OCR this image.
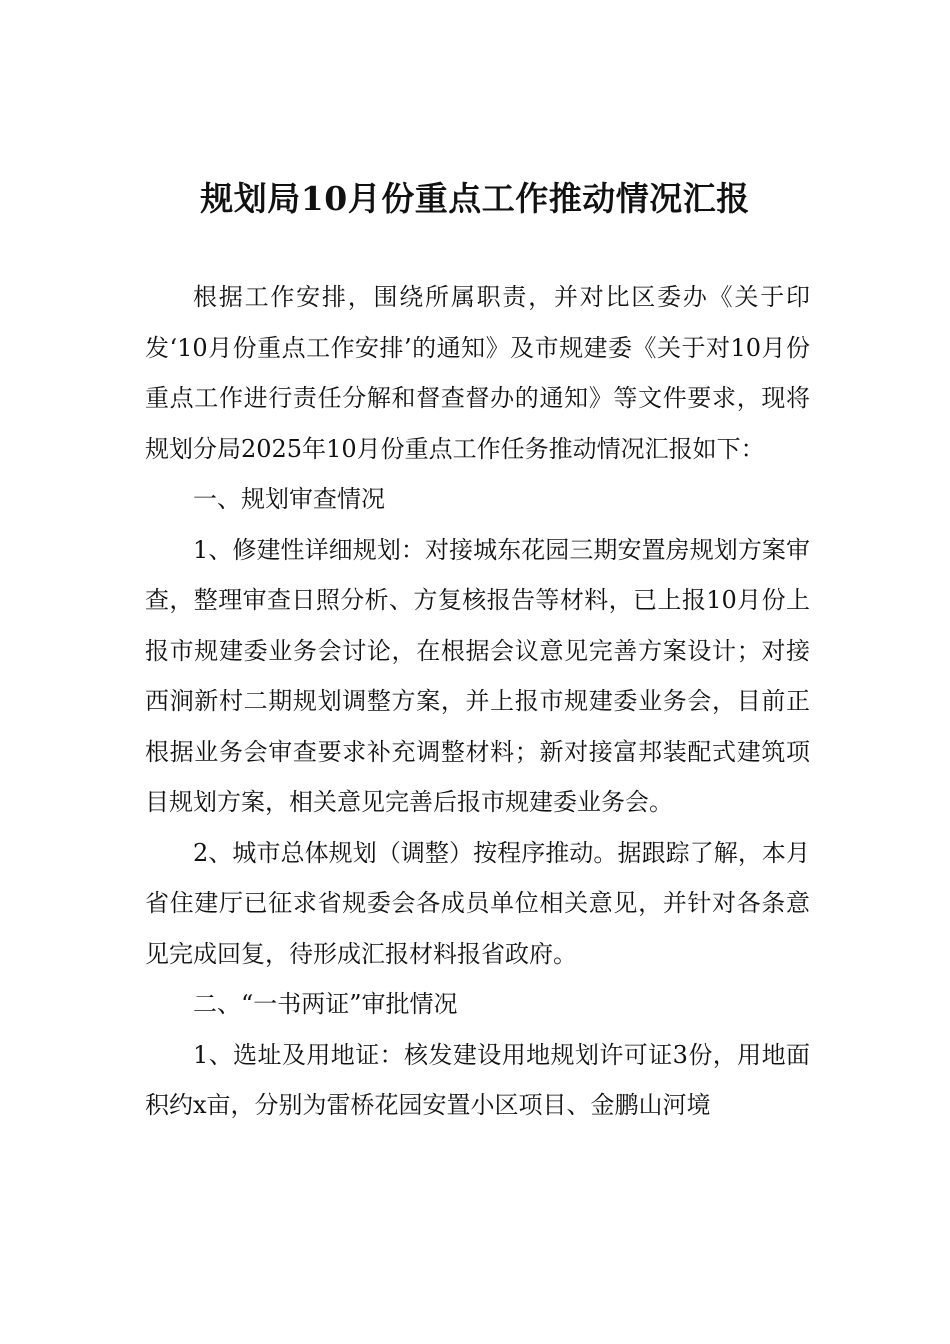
规划局10月份重点工作推动情况汇报

根据工作安排，围绕所属职责，并对比区委办《关于印发‘10月份重点工作安排’的通知》及市规建委《关于对10月份重点工作进行责任分解和督查督办的通知》等文件要求，现将规划分局2025年10月份重点工作任务推动情况汇报如下：

一、规划审查情况

1、修建性详细规划：对接城东花园三期安置房规划方案审查，整理审查日照分析、方复核报告等材料，已上报10月份上报市规建委业务会讨论，在根据会议意见完善方案设计；对接西涧新村二期规划调整方案，并上报市规建委业务会，目前正根据业务会审查要求补充调整材料；新对接富邦装配式建筑项目规划方案，相关意见完善后报市规建委业务会。

2、城市总体规划（调整）按程序推动。据跟踪了解，本月省住建厅已征求省规委会各成员单位相关意见，并针对各条意见完成回复，待形成汇报材料报省政府。

二、“一书两证”审批情况

1、选址及用地证：核发建设用地规划许可证3份，用地面积约x亩，分别为雷桥花园安置小区项目、金鹏山河境
